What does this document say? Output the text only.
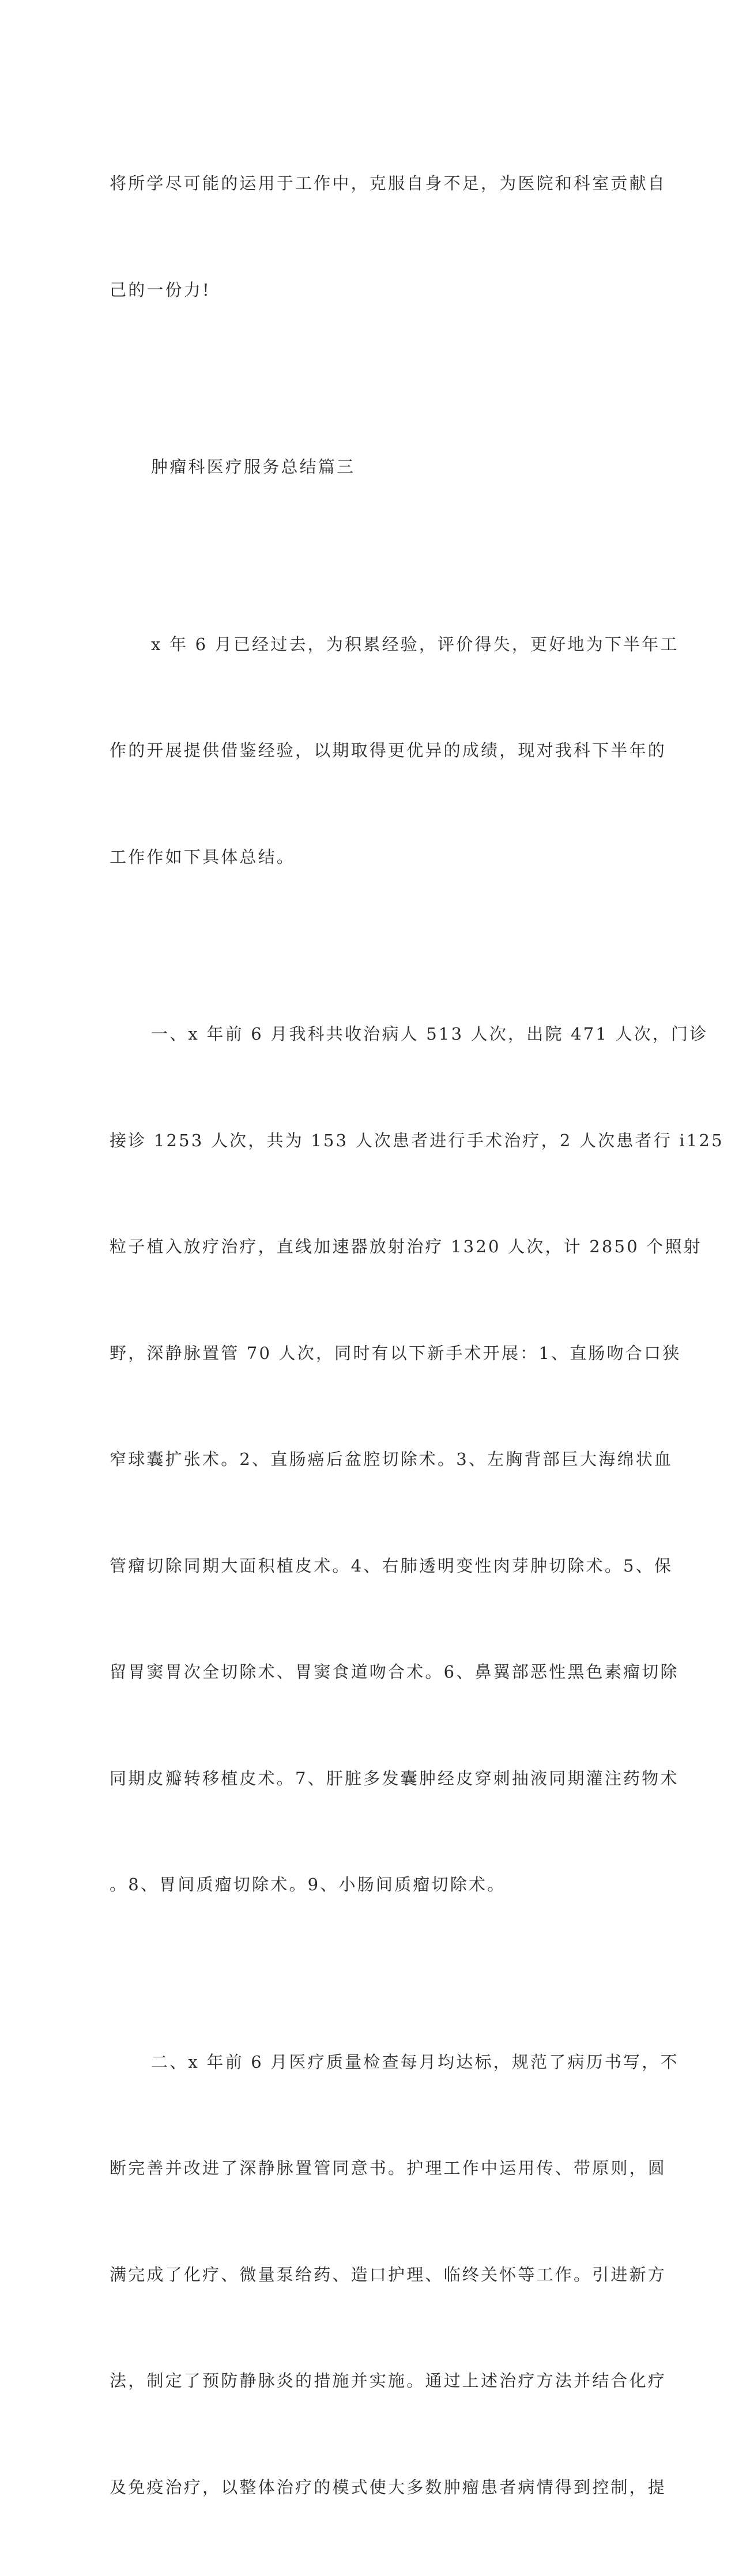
将所学尽可能的运用于工作中，克服自身不足，为医院和科室贡献自

己的一份力!

肿瘤科医疗服务总结篇三

x 年 6 月已经过去，为积累经验，评价得失，更好地为下半年工

作的开展提供借鉴经验，以期取得更优异的成绩，现对我科下半年的

工作作如下具体总结。

一、x 年前 6 月我科共收治病人 513 人次，出院 471 人次，门诊

接诊 1253 人次，共为 153 人次患者进行手术治疗，2 人次患者行 i125

粒子植入放疗治疗，直线加速器放射治疗 1320 人次，计 2850 个照射

野，深静脉置管 70 人次，同时有以下新手术开展：1、直肠吻合口狭

窄球囊扩张术。2、直肠癌后盆腔切除术。3、左胸背部巨大海绵状血

管瘤切除同期大面积植皮术。4、右肺透明变性肉芽肿切除术。5、保

留胃窦胃次全切除术、胃窦食道吻合术。6、鼻翼部恶性黑色素瘤切除

同期皮瓣转移植皮术。7、肝脏多发囊肿经皮穿刺抽液同期灌注药物术

。8、胃间质瘤切除术。9、小肠间质瘤切除术。

二、x 年前 6 月医疗质量检查每月均达标，规范了病历书写，不

断完善并改进了深静脉置管同意书。护理工作中运用传、带原则，圆

满完成了化疗、微量泵给药、造口护理、临终关怀等工作。引进新方

法，制定了预防静脉炎的措施并实施。通过上述治疗方法并结合化疗

及免疫治疗，以整体治疗的模式使大多数肿瘤患者病情得到控制，提
